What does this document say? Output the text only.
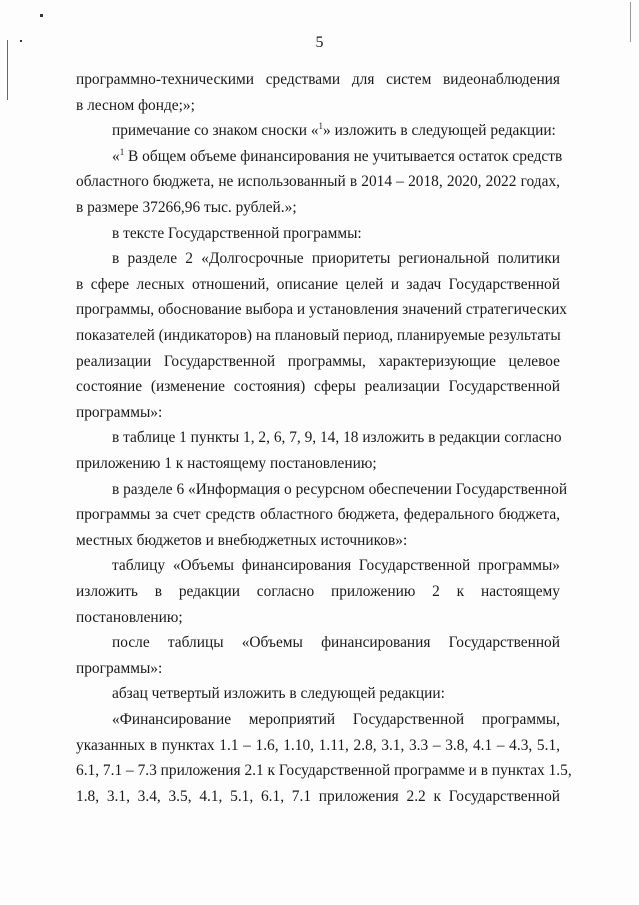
5
программно-техническими средствами для систем видеонаблюдения
в лесном фонде;»;
примечание со знаком сноски «$^1$» изложить в следующей редакции:
«$^1$ В общем объеме финансирования не учитывается остаток средств
областного бюджета, не использованный в 2014 – 2018, 2020, 2022 годах,
в размере 37266,96 тыс. рублей.»;
в тексте Государственной программы:
в разделе 2 «Долгосрочные приоритеты региональной политики
в сфере лесных отношений, описание целей и задач Государственной
программы, обоснование выбора и установления значений стратегических
показателей (индикаторов) на плановый период, планируемые результаты
реализации Государственной программы, характеризующие целевое
состояние (изменение состояния) сферы реализации Государственной
программы»:
в таблице 1 пункты 1, 2, 6, 7, 9, 14, 18 изложить в редакции согласно
приложению 1 к настоящему постановлению;
в разделе 6 «Информация о ресурсном обеспечении Государственной
программы за счет средств областного бюджета, федерального бюджета,
местных бюджетов и внебюджетных источников»:
таблицу «Объемы финансирования Государственной программы»
изложить в редакции согласно приложению 2 к настоящему
постановлению;
после таблицы «Объемы финансирования Государственной
программы»:
абзац четвертый изложить в следующей редакции:
«Финансирование мероприятий Государственной программы,
указанных в пунктах 1.1 – 1.6, 1.10, 1.11, 2.8, 3.1, 3.3 – 3.8, 4.1 – 4.3, 5.1,
6.1, 7.1 – 7.3 приложения 2.1 к Государственной программе и в пунктах 1.5,
1.8, 3.1, 3.4, 3.5, 4.1, 5.1, 6.1, 7.1 приложения 2.2 к Государственной
